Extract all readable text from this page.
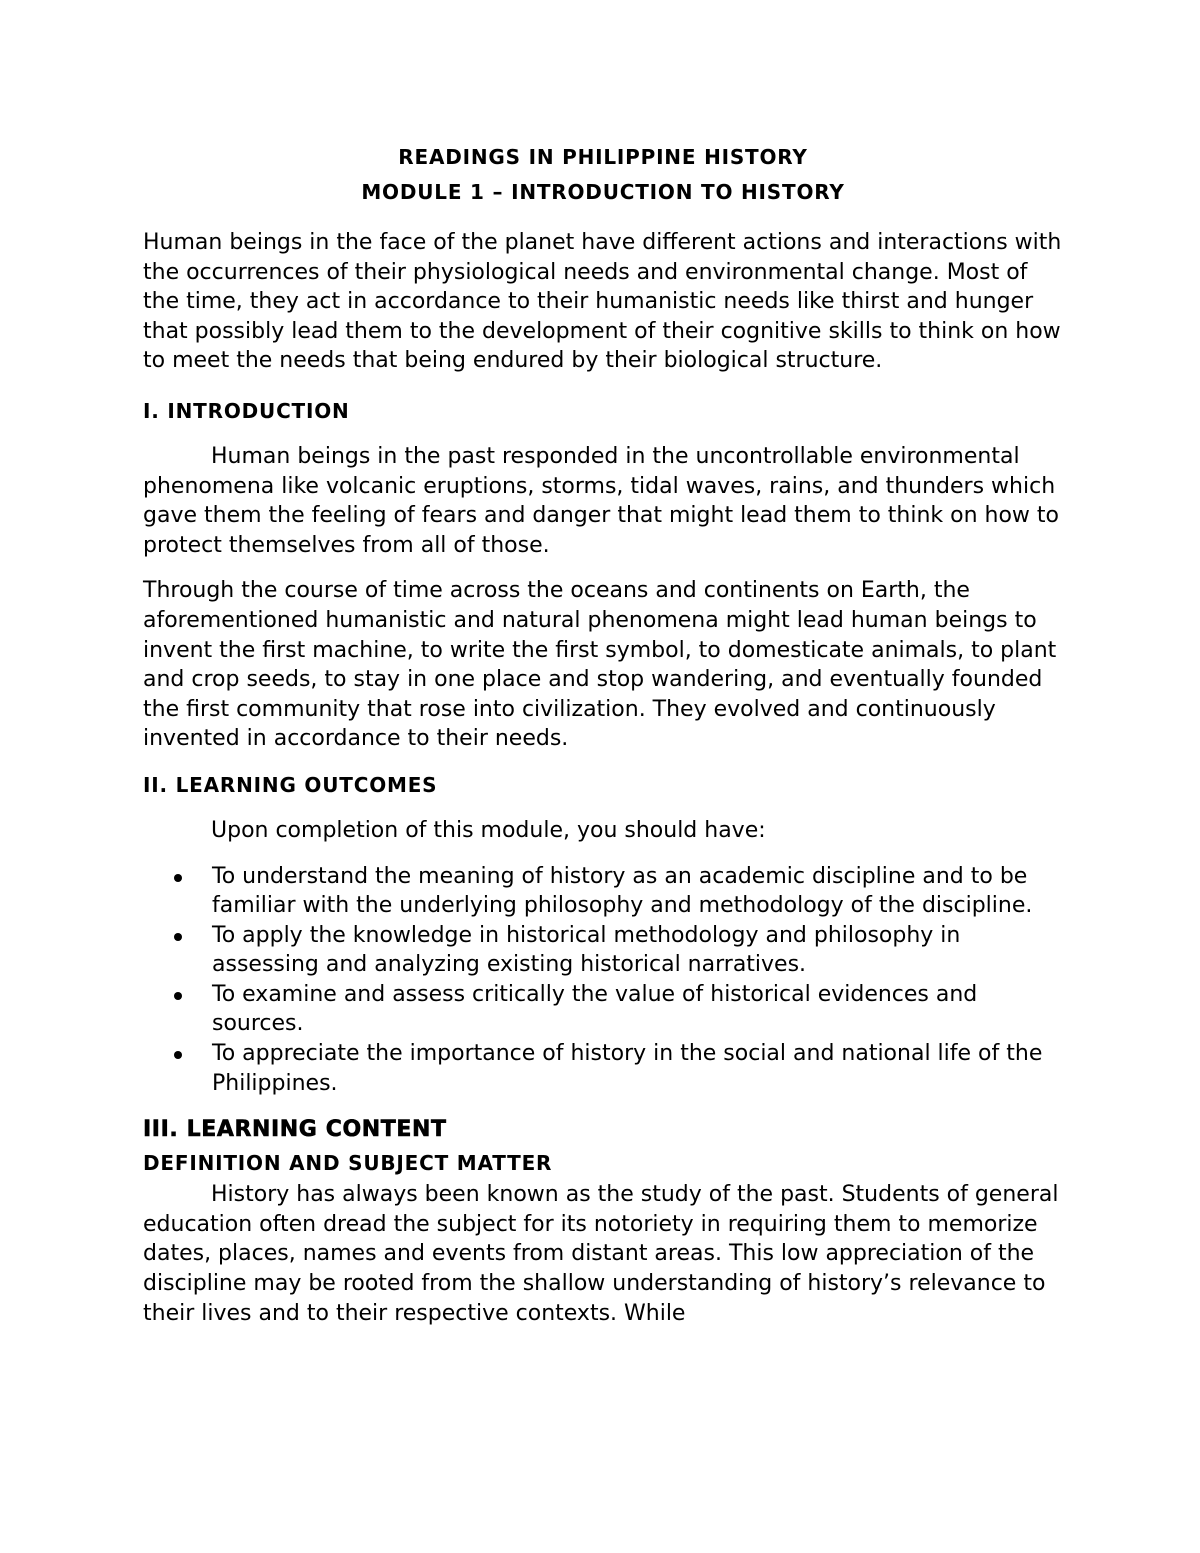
READINGS IN PHILIPPINE HISTORY
MODULE 1 – INTRODUCTION TO HISTORY

Human beings in the face of the planet have different actions and interactions with the occurrences of their physiological needs and environmental change. Most of the time, they act in accordance to their humanistic needs like thirst and hunger that possibly lead them to the development of their cognitive skills to think on how to meet the needs that being endured by their biological structure.

I. INTRODUCTION

Human beings in the past responded in the uncontrollable environmental phenomena like volcanic eruptions, storms, tidal waves, rains, and thunders which gave them the feeling of fears and danger that might lead them to think on how to protect themselves from all of those.

Through the course of time across the oceans and continents on Earth, the aforementioned humanistic and natural phenomena might lead human beings to invent the first machine, to write the first symbol, to domesticate animals, to plant and crop seeds, to stay in one place and stop wandering, and eventually founded the first community that rose into civilization. They evolved and continuously invented in accordance to their needs.

II. LEARNING OUTCOMES

Upon completion of this module, you should have:

To understand the meaning of history as an academic discipline and to be familiar with the underlying philosophy and methodology of the discipline.
To apply the knowledge in historical methodology and philosophy in assessing and analyzing existing historical narratives.
To examine and assess critically the value of historical evidences and sources.
To appreciate the importance of history in the social and national life of the Philippines.
III. LEARNING CONTENT
DEFINITION AND SUBJECT MATTER

History has always been known as the study of the past. Students of general education often dread the subject for its notoriety in requiring them to memorize dates, places, names and events from distant areas. This low appreciation of the discipline may be rooted from the shallow understanding of history’s relevance to their lives and to their respective contexts. While
